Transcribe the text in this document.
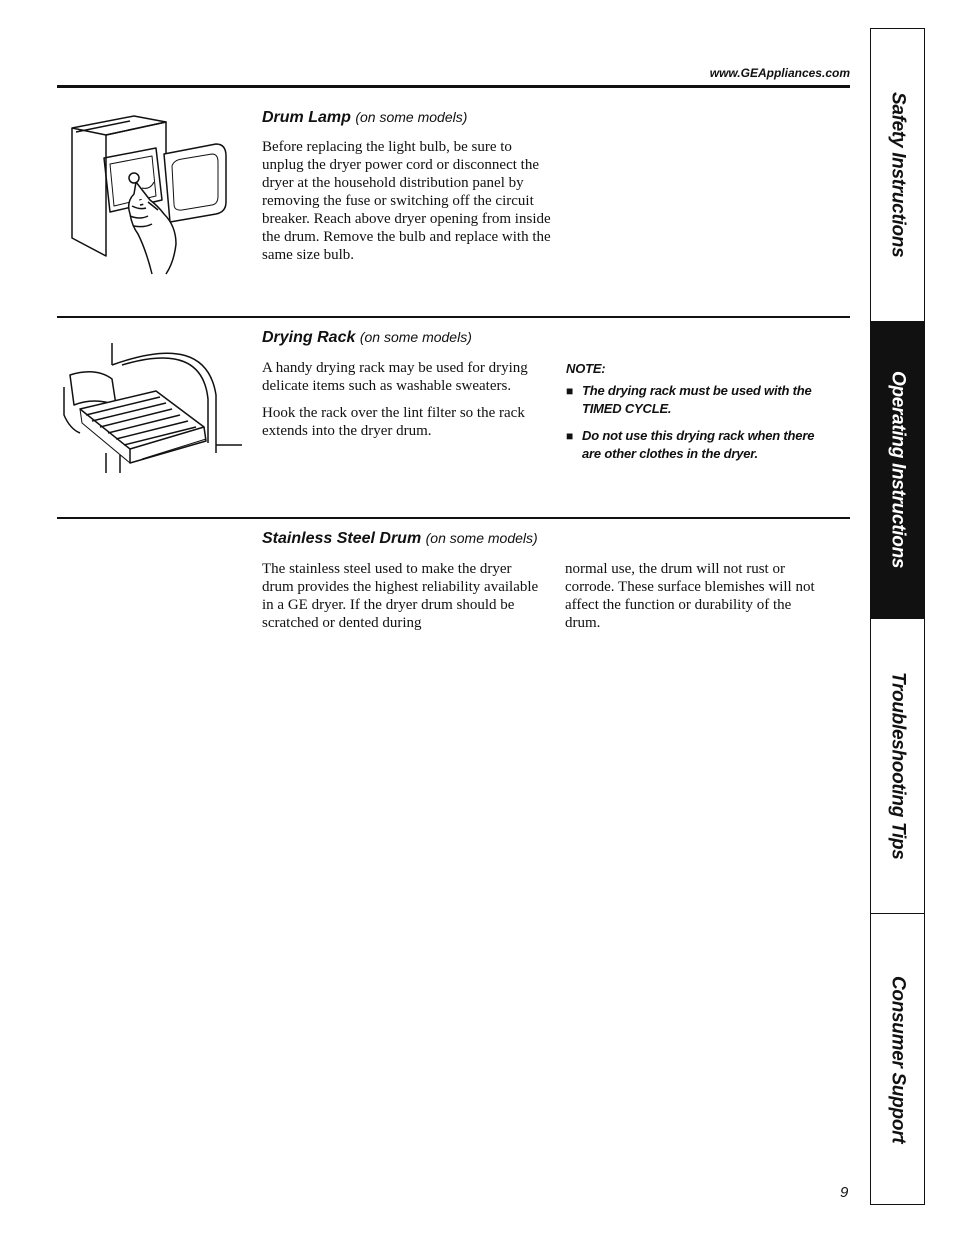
www.GEAppliances.com
Drum Lamp (on some models)

Before replacing the light bulb, be sure to unplug the dryer power cord or disconnect the dryer at the household distribution panel by removing the fuse or switching off the circuit breaker. Reach above dryer opening from inside the drum. Remove the bulb and replace with the same size bulb.

Drying Rack (on some models)

A handy drying rack may be used for drying delicate items such as washable sweaters.

Hook the rack over the lint filter so the rack extends into the dryer drum.

NOTE:
■ The drying rack must be used with the TIMED CYCLE.
■ Do not use this drying rack when there are other clothes in the dryer.
Stainless Steel Drum (on some models)

The stainless steel used to make the dryer drum provides the highest reliability available in a GE dryer. If the dryer drum should be scratched or dented during

normal use, the drum will not rust or corrode. These surface blemishes will not affect the function or durability of the drum.

Safety Instructions
Operating Instructions
Troubleshooting Tips
Consumer Support
9
